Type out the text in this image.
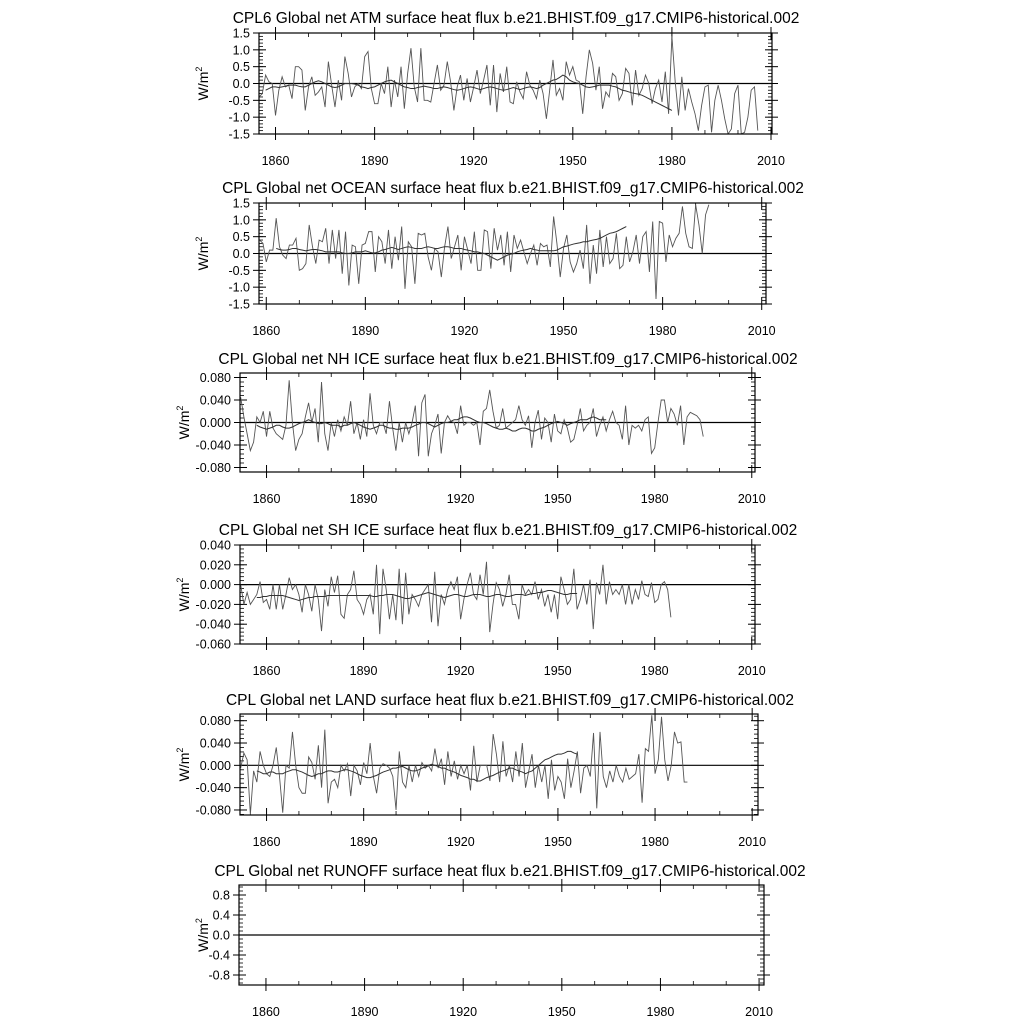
CPL6 Global net ATM surface heat flux b.e21.BHIST.f09_g17.CMIP6-historical.002
$W/m^2$
1.5
1.0
0.5
0.0
-0.5
-1.0
-1.5
1860	1890	1920	1950	1980	2010
CPL Global net OCEAN surface heat flux b.e21.BHIST.f09_g17.CMIP6-historical.002
$W/m^2$
1.5
1.0
0.5
0.0
-0.5
-1.0
-1.5
1860	1890	1920	1950	1980	2010
CPL Global net NH ICE surface heat flux b.e21.BHIST.f09_g17.CMIP6-historical.002
$W/m^2$
0.080
0.040
0.000
-0.040
-0.080
1860	1890	1920	1950	1980	2010
CPL Global net SH ICE surface heat flux b.e21.BHIST.f09_g17.CMIP6-historical.002
$W/m^2$
0.040
0.020
0.000
-0.020
-0.040
-0.060
1860	1890	1920	1950	1980	2010
CPL Global net LAND surface heat flux b.e21.BHIST.f09_g17.CMIP6-historical.002
$W/m^2$
0.080
0.040
0.000
-0.040
-0.080
1860	1890	1920	1950	1980	2010
CPL Global net RUNOFF surface heat flux b.e21.BHIST.f09_g17.CMIP6-historical.002
$W/m^2$
0.8
0.4
0.0
-0.4
-0.8
1860	1890	1920	1950	1980	2010
